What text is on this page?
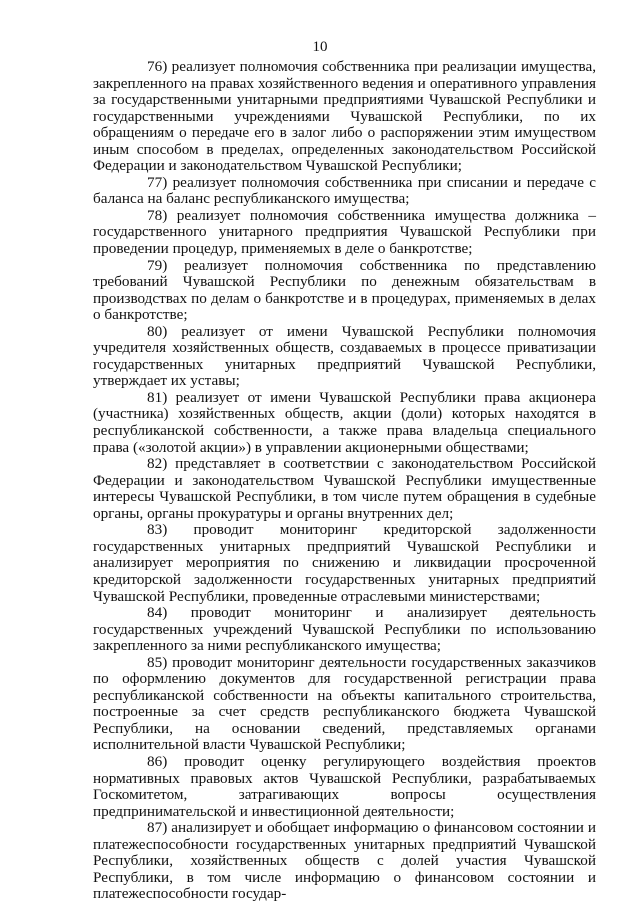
10

76) реализует полномочия собственника при реализации имущества, закрепленного на правах хозяйственного ведения и оперативного управления за государственными унитарными предприятиями Чувашской Республики и государственными учреждениями Чувашской Республики, по их обращениям о передаче его в залог либо о распоряжении этим имуществом иным способом в пределах, определенных законодательством Российской Федерации и законодательством Чувашской Республики;

77) реализует полномочия собственника при списании и передаче с баланса на баланс республиканского имущества;

78) реализует полномочия собственника имущества должника – государственного унитарного предприятия Чувашской Республики при проведении процедур, применяемых в деле о банкротстве;

79) реализует полномочия собственника по представлению требований Чувашской Республики по денежным обязательствам в производствах по делам о банкротстве и в процедурах, применяемых в делах о банкротстве;

80) реализует от имени Чувашской Республики полномочия учредителя хозяйственных обществ, создаваемых в процессе приватизации государственных унитарных предприятий Чувашской Республики, утверждает их уставы;

81) реализует от имени Чувашской Республики права акционера (участника) хозяйственных обществ, акции (доли) которых находятся в республиканской собственности, а также права владельца специального права («золотой акции») в управлении акционерными обществами;

82) представляет в соответствии с законодательством Российской Федерации и законодательством Чувашской Республики имущественные интересы Чувашской Республики, в том числе путем обращения в судебные органы, органы прокуратуры и органы внутренних дел;

83) проводит мониторинг кредиторской задолженности государственных унитарных предприятий Чувашской Республики и анализирует мероприятия по снижению и ликвидации просроченной кредиторской задолженности государственных унитарных предприятий Чувашской Республики, проведенные отраслевыми министерствами;

84) проводит мониторинг и анализирует деятельность государственных учреждений Чувашской Республики по использованию закрепленного за ними республиканского имущества;

85) проводит мониторинг деятельности государственных заказчиков по оформлению документов для государственной регистрации права республиканской собственности на объекты капитального строительства, построенные за счет средств республиканского бюджета Чувашской Республики, на основании сведений, представляемых органами исполнительной власти Чувашской Республики;

86) проводит оценку регулирующего воздействия проектов нормативных правовых актов Чувашской Республики, разрабатываемых Госкомитетом, затрагивающих вопросы осуществления предпринимательской и инвестиционной деятельности;

87) анализирует и обобщает информацию о финансовом состоянии и платежеспособности государственных унитарных предприятий Чувашской Республики, хозяйственных обществ с долей участия Чувашской Республики, в том числе информацию о финансовом состоянии и платежеспособности государ-
